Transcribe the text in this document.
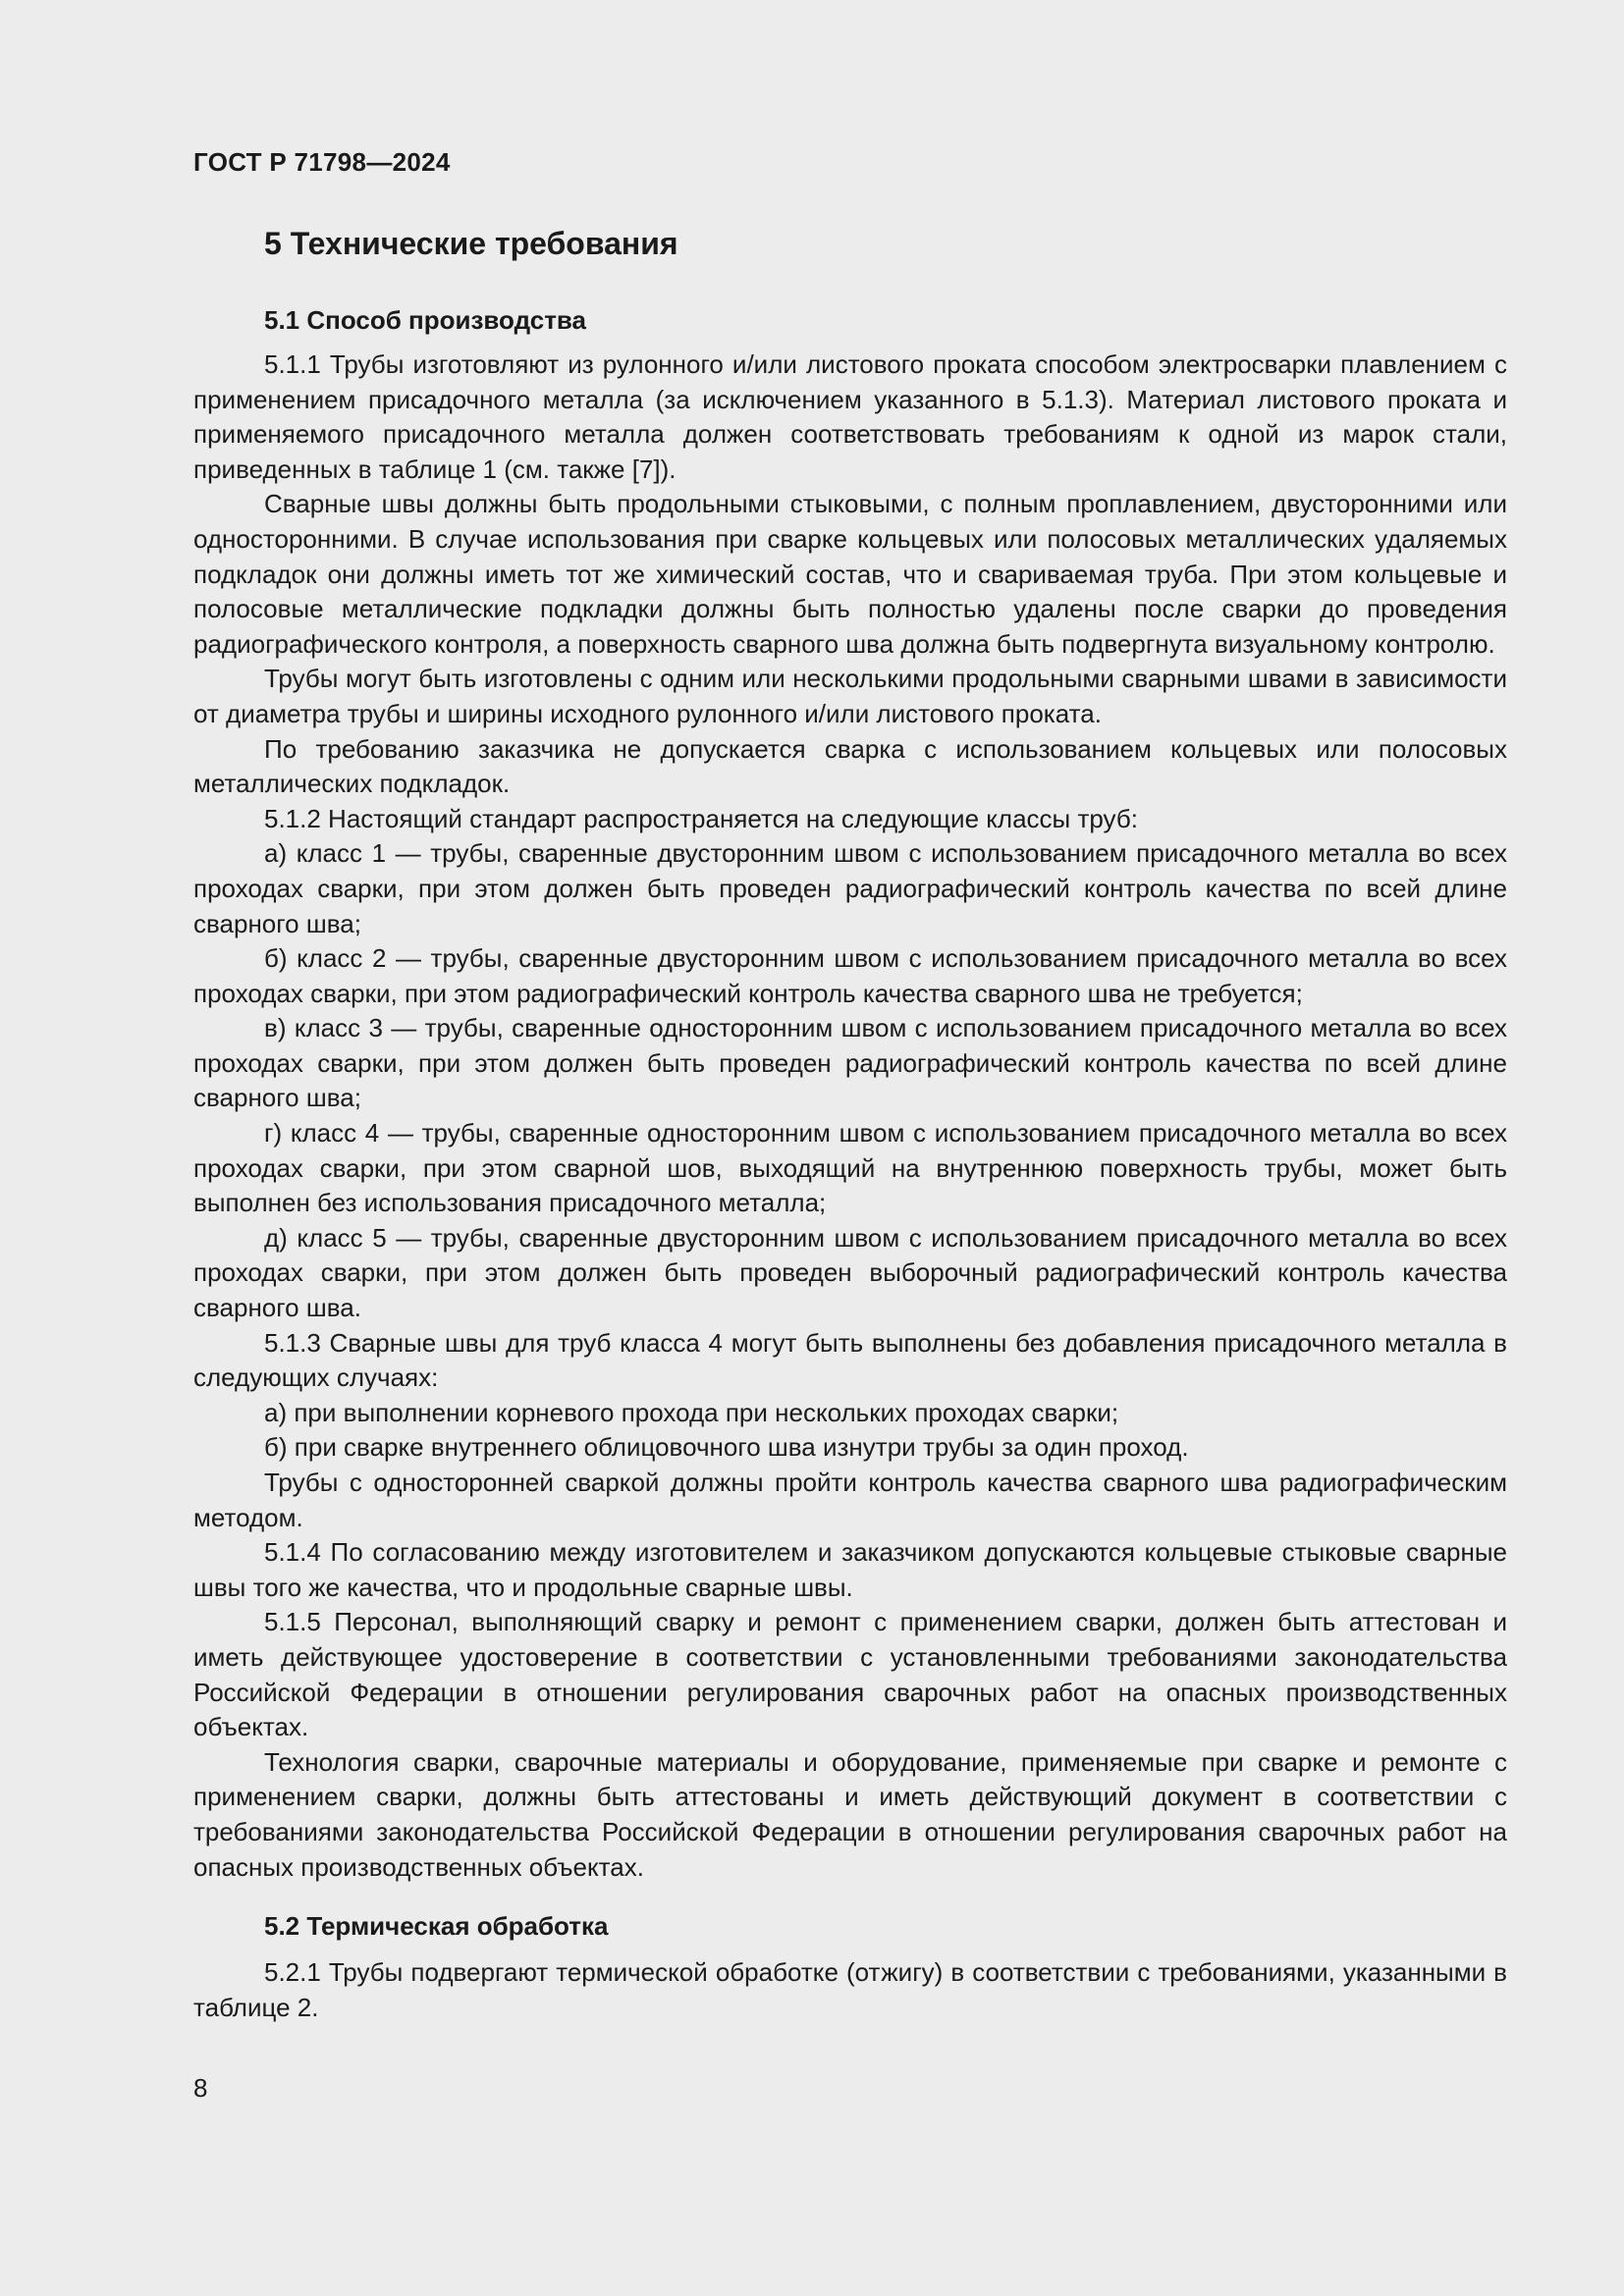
ГОСТ Р 71798—2024
5 Технические требования
5.1 Способ производства

5.1.1 Трубы изготовляют из рулонного и/или листового проката способом электросварки плавлением с применением присадочного металла (за исключением указанного в 5.1.3). Материал листового проката и применяемого присадочного металла должен соответствовать требованиям к одной из марок стали, приведенных в таблице 1 (см. также [7]).

Сварные швы должны быть продольными стыковыми, с полным проплавлением, двусторонними или односторонними. В случае использования при сварке кольцевых или полосовых металлических удаляемых подкладок они должны иметь тот же химический состав, что и свариваемая труба. При этом кольцевые и полосовые металлические подкладки должны быть полностью удалены после сварки до проведения радиографического контроля, а поверхность сварного шва должна быть подвергнута визуальному контролю.

Трубы могут быть изготовлены с одним или несколькими продольными сварными швами в зависимости от диаметра трубы и ширины исходного рулонного и/или листового проката.

По требованию заказчика не допускается сварка с использованием кольцевых или полосовых металлических подкладок.

5.1.2 Настоящий стандарт распространяется на следующие классы труб:

а) класс 1 — трубы, сваренные двусторонним швом с использованием присадочного металла во всех проходах сварки, при этом должен быть проведен радиографический контроль качества по всей длине сварного шва;

б) класс 2 — трубы, сваренные двусторонним швом с использованием присадочного металла во всех проходах сварки, при этом радиографический контроль качества сварного шва не требуется;

в) класс 3 — трубы, сваренные односторонним швом с использованием присадочного металла во всех проходах сварки, при этом должен быть проведен радиографический контроль качества по всей длине сварного шва;

г) класс 4 — трубы, сваренные односторонним швом с использованием присадочного металла во всех проходах сварки, при этом сварной шов, выходящий на внутреннюю поверхность трубы, может быть выполнен без использования присадочного металла;

д) класс 5 — трубы, сваренные двусторонним швом с использованием присадочного металла во всех проходах сварки, при этом должен быть проведен выборочный радиографический контроль качества сварного шва.

5.1.3 Сварные швы для труб класса 4 могут быть выполнены без добавления присадочного металла в следующих случаях:

а) при выполнении корневого прохода при нескольких проходах сварки;

б) при сварке внутреннего облицовочного шва изнутри трубы за один проход.

Трубы с односторонней сваркой должны пройти контроль качества сварного шва радиографическим методом.

5.1.4 По согласованию между изготовителем и заказчиком допускаются кольцевые стыковые сварные швы того же качества, что и продольные сварные швы.

5.1.5 Персонал, выполняющий сварку и ремонт с применением сварки, должен быть аттестован и иметь действующее удостоверение в соответствии с установленными требованиями законодательства Российской Федерации в отношении регулирования сварочных работ на опасных производственных объектах.

Технология сварки, сварочные материалы и оборудование, применяемые при сварке и ремонте с применением сварки, должны быть аттестованы и иметь действующий документ в соответствии с требованиями законодательства Российской Федерации в отношении регулирования сварочных работ на опасных производственных объектах.

5.2 Термическая обработка

5.2.1 Трубы подвергают термической обработке (отжигу) в соответствии с требованиями, указанными в таблице 2.

8
